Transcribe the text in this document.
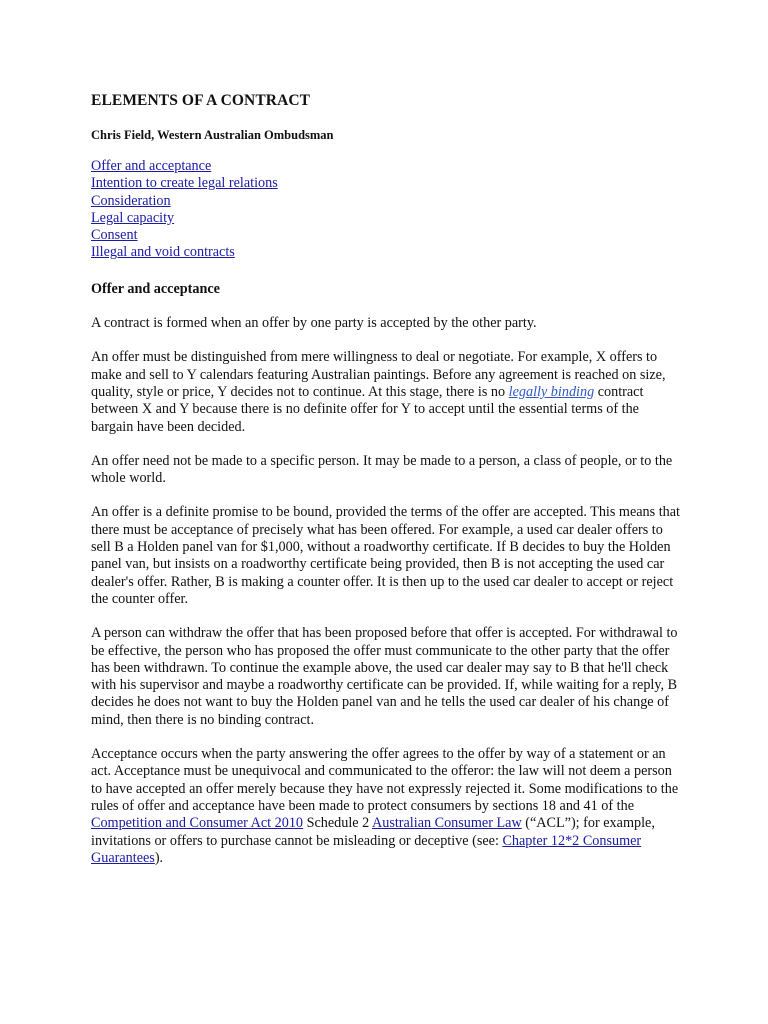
ELEMENTS OF A CONTRACT
Chris Field, Western Australian Ombudsman
Offer and acceptance
Intention to create legal relations
Consideration
Legal capacity
Consent
Illegal and void contracts
Offer and acceptance

A contract is formed when an offer by one party is accepted by the other party.

An offer must be distinguished from mere willingness to deal or negotiate. For example, X offers to make and sell to Y calendars featuring Australian paintings. Before any agreement is reached on size, quality, style or price, Y decides not to continue. At this stage, there is no legally binding contract between X and Y because there is no definite offer for Y to accept until the essential terms of the bargain have been decided.

An offer need not be made to a specific person. It may be made to a person, a class of people, or to the whole world.

An offer is a definite promise to be bound, provided the terms of the offer are accepted. This means that there must be acceptance of precisely what has been offered. For example, a used car dealer offers to sell B a Holden panel van for $1,000, without a roadworthy certificate. If B decides to buy the Holden panel van, but insists on a roadworthy certificate being provided, then B is not accepting the used car dealer's offer. Rather, B is making a counter offer. It is then up to the used car dealer to accept or reject the counter offer.

A person can withdraw the offer that has been proposed before that offer is accepted. For withdrawal to be effective, the person who has proposed the offer must communicate to the other party that the offer has been withdrawn. To continue the example above, the used car dealer may say to B that he'll check with his supervisor and maybe a roadworthy certificate can be provided. If, while waiting for a reply, B decides he does not want to buy the Holden panel van and he tells the used car dealer of his change of mind, then there is no binding contract.

Acceptance occurs when the party answering the offer agrees to the offer by way of a statement or an act. Acceptance must be unequivocal and communicated to the offeror: the law will not deem a person to have accepted an offer merely because they have not expressly rejected it. Some modifications to the rules of offer and acceptance have been made to protect consumers by sections 18 and 41 of the Competition and Consumer Act 2010 Schedule 2 Australian Consumer Law (“ACL”); for example, invitations or offers to purchase cannot be misleading or deceptive (see: Chapter 12*2 Consumer Guarantees).
